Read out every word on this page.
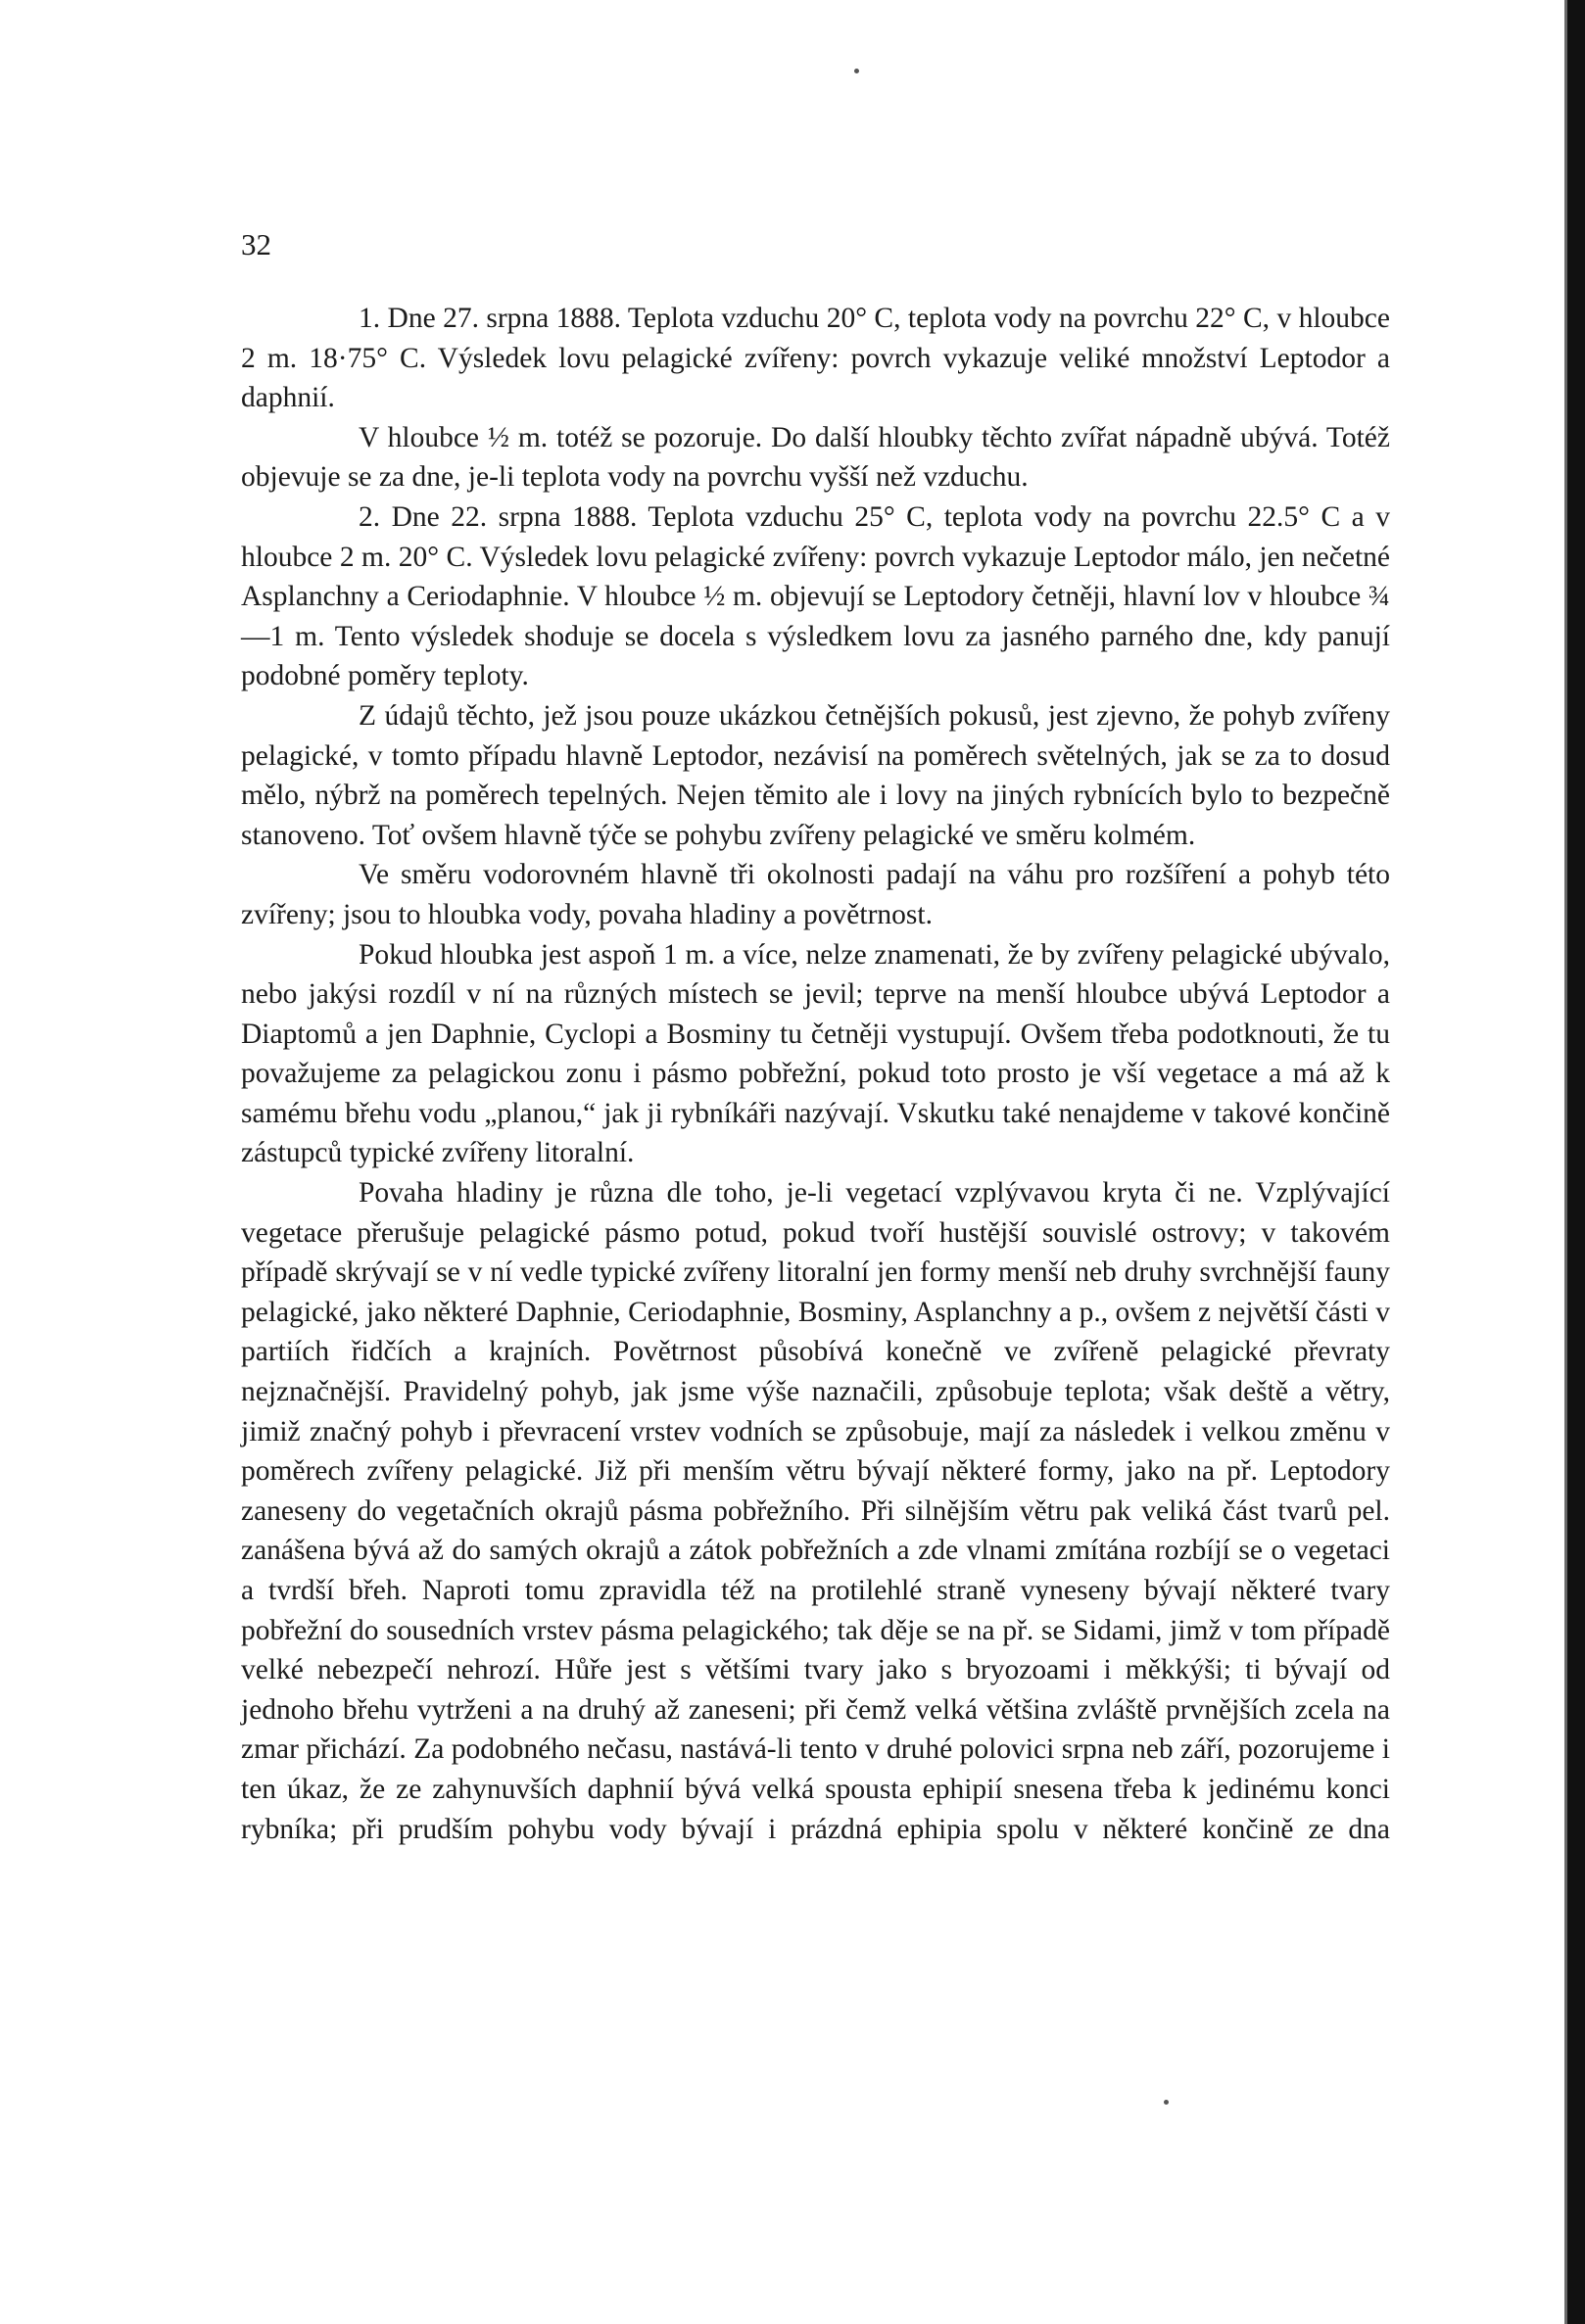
32

1. Dne 27. srpna 1888. Teplota vzduchu 20° C, teplota vody na povrchu 22° C, v hloubce 2 m. 18·75° C. Výsledek lovu pelagické zvířeny: povrch vykazuje veliké množství Leptodor a daphnií.

V hloubce ½ m. totéž se pozoruje. Do další hloubky těchto zvířat nápadně ubývá. Totéž objevuje se za dne, je-li teplota vody na povrchu vyšší než vzduchu.

2. Dne 22. srpna 1888. Teplota vzduchu 25° C, teplota vody na povrchu 22.5° C a v hloubce 2 m. 20° C. Výsledek lovu pelagické zvířeny: povrch vykazuje Leptodor málo, jen nečetné Asplanchny a Ceriodaphnie. V hloubce ½ m. objevují se Leptodory četněji, hlavní lov v hloubce ¾—1 m. Tento výsledek shoduje se docela s výsledkem lovu za jasného parného dne, kdy panují podobné poměry teploty.

Z údajů těchto, jež jsou pouze ukázkou četnějších pokusů, jest zjevno, že pohyb zvířeny pelagické, v tomto případu hlavně Leptodor, nezávisí na poměrech světelných, jak se za to dosud mělo, nýbrž na poměrech tepelných. Nejen těmito ale i lovy na jiných rybnících bylo to bezpečně stanoveno. Toť ovšem hlavně týče se pohybu zvířeny pelagické ve směru kolmém.

Ve směru vodorovném hlavně tři okolnosti padají na váhu pro rozšíření a pohyb této zvířeny; jsou to hloubka vody, povaha hladiny a povětrnost.

Pokud hloubka jest aspoň 1 m. a více, nelze znamenati, že by zvířeny pelagické ubývalo, nebo jakýsi rozdíl v ní na různých místech se jevil; teprve na menší hloubce ubývá Leptodor a Diaptomů a jen Daphnie, Cyclopi a Bosminy tu četněji vystupují. Ovšem třeba podotknouti, že tu považujeme za pelagickou zonu i pásmo pobřežní, pokud toto prosto je vší vegetace a má až k samému břehu vodu „planou,“ jak ji rybníkáři nazývají. Vskutku také nenajdeme v takové končině zástupců typické zvířeny litoralní.

Povaha hladiny je různa dle toho, je-li vegetací vzplývavou kryta či ne. Vzplývající vegetace přerušuje pelagické pásmo potud, pokud tvoří hustější souvislé ostrovy; v takovém případě skrývají se v ní vedle typické zvířeny litoralní jen formy menší neb druhy svrchnější fauny pelagické, jako některé Daphnie, Ceriodaphnie, Bosminy, Asplanchny a p., ovšem z největší části v partiích řidčích a krajních. Povětrnost působívá konečně ve zvířeně pelagické převraty nejznačnější. Pravidelný pohyb, jak jsme výše naznačili, způsobuje teplota; však deště a větry, jimiž značný pohyb i převracení vrstev vodních se způsobuje, mají za následek i velkou změnu v poměrech zvířeny pelagické. Již při menším větru bývají některé formy, jako na př. Leptodory zaneseny do vegetačních okrajů pásma pobřežního. Při silnějším větru pak veliká část tvarů pel. zanášena bývá až do samých okrajů a zátok pobřežních a zde vlnami zmítána rozbíjí se o vegetaci a tvrdší břeh. Naproti tomu zpravidla též na protilehlé straně vyneseny bývají některé tvary pobřežní do sousedních vrstev pásma pelagického; tak děje se na př. se Sidami, jimž v tom případě velké nebezpečí nehrozí. Hůře jest s většími tvary jako s bryozoami i měkkýši; ti bývají od jednoho břehu vytrženi a na druhý až zaneseni; při čemž velká většina zvláště prvnějších zcela na zmar přichází. Za podobného nečasu, nastává-li tento v druhé polovici srpna neb září, pozorujeme i ten úkaz, že ze zahynuvších daphnií bývá velká spousta ephipií snesena třeba k jedinému konci rybníka; při prudším pohybu vody bývají i prázdná ephipia spolu v některé končině ze dna
